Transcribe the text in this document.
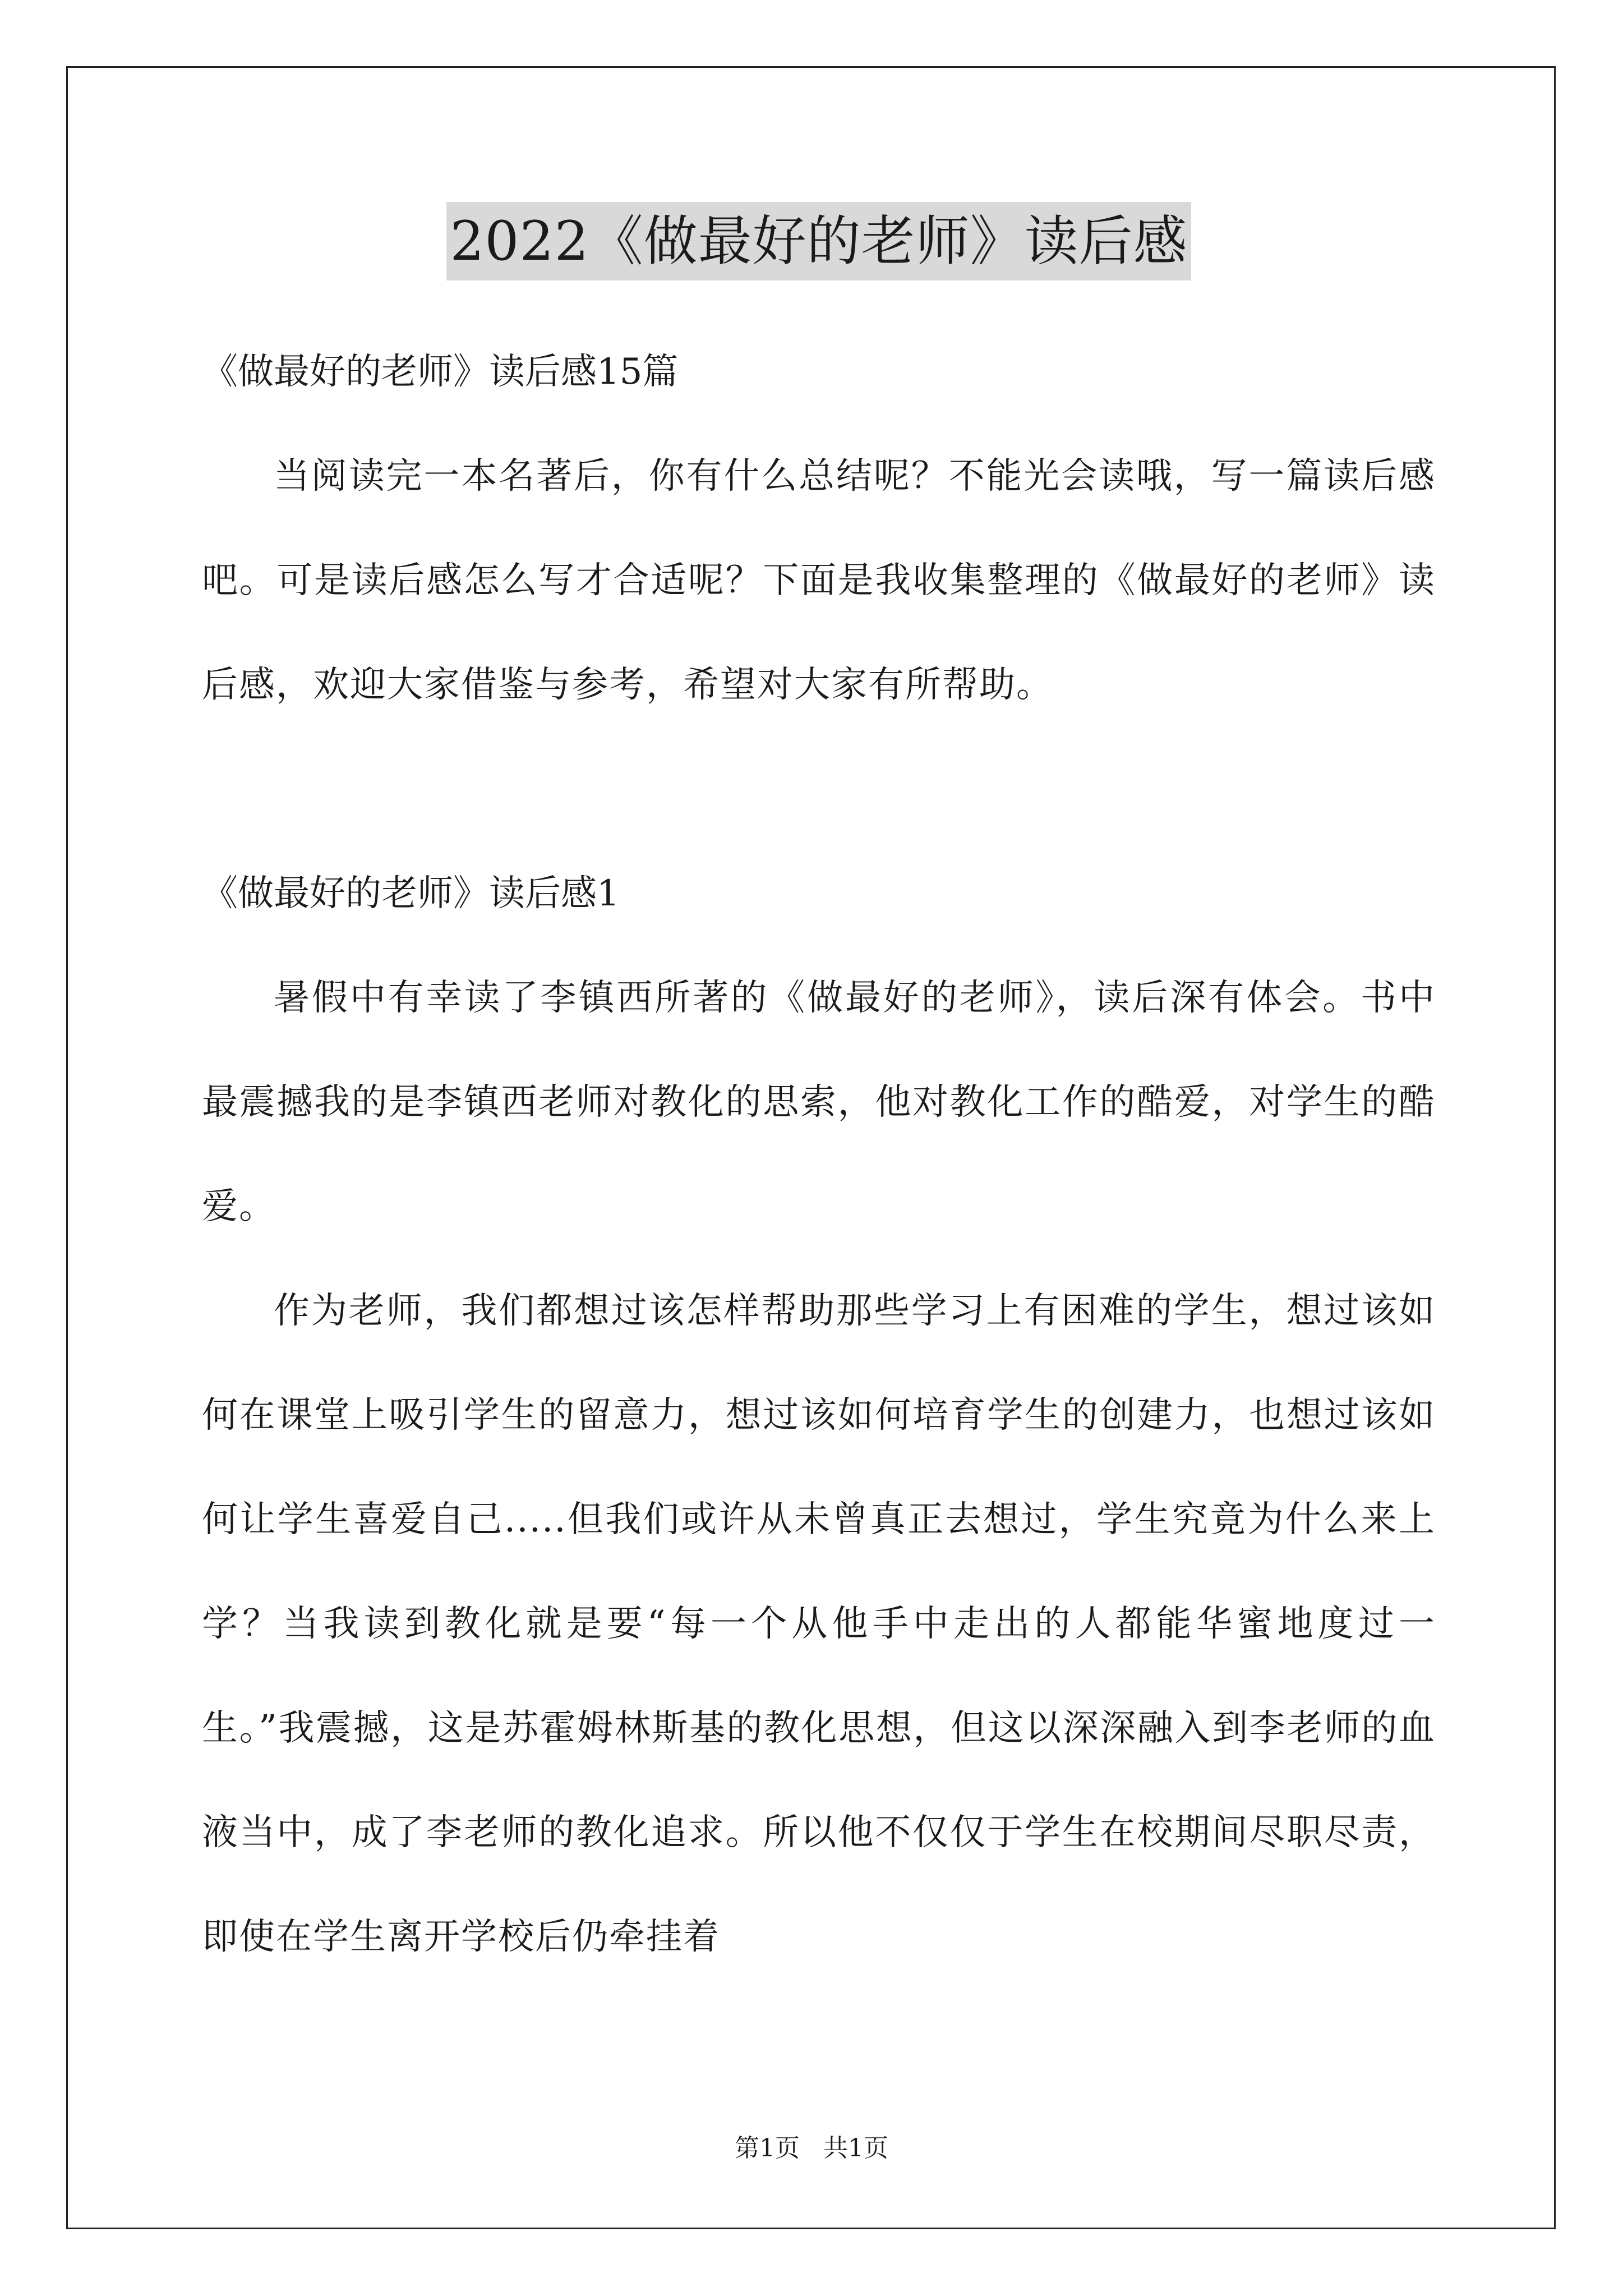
2022《做最好的老师》读后感

《做最好的老师》读后感15篇

当阅读完一本名著后，你有什么总结呢？不能光会读哦，写一篇读后感吧。可是读后感怎么写才合适呢？下面是我收集整理的《做最好的老师》读后感，欢迎大家借鉴与参考，希望对大家有所帮助。

《做最好的老师》读后感1

暑假中有幸读了李镇西所著的《做最好的老师》，读后深有体会。书中最震撼我的是李镇西老师对教化的思索，他对教化工作的酷爱，对学生的酷爱。

作为老师，我们都想过该怎样帮助那些学习上有困难的学生，想过该如何在课堂上吸引学生的留意力，想过该如何培育学生的创建力，也想过该如何让学生喜爱自己.....但我们或许从未曾真正去想过，学生究竟为什么来上学？当我读到教化就是要“每一个从他手中走出的人都能华蜜地度过一生。”我震撼，这是苏霍姆林斯基的教化思想，但这以深深融入到李老师的血液当中，成了李老师的教化追求。所以他不仅仅于学生在校期间尽职尽责，即使在学生离开学校后仍牵挂着

第1页   共1页
